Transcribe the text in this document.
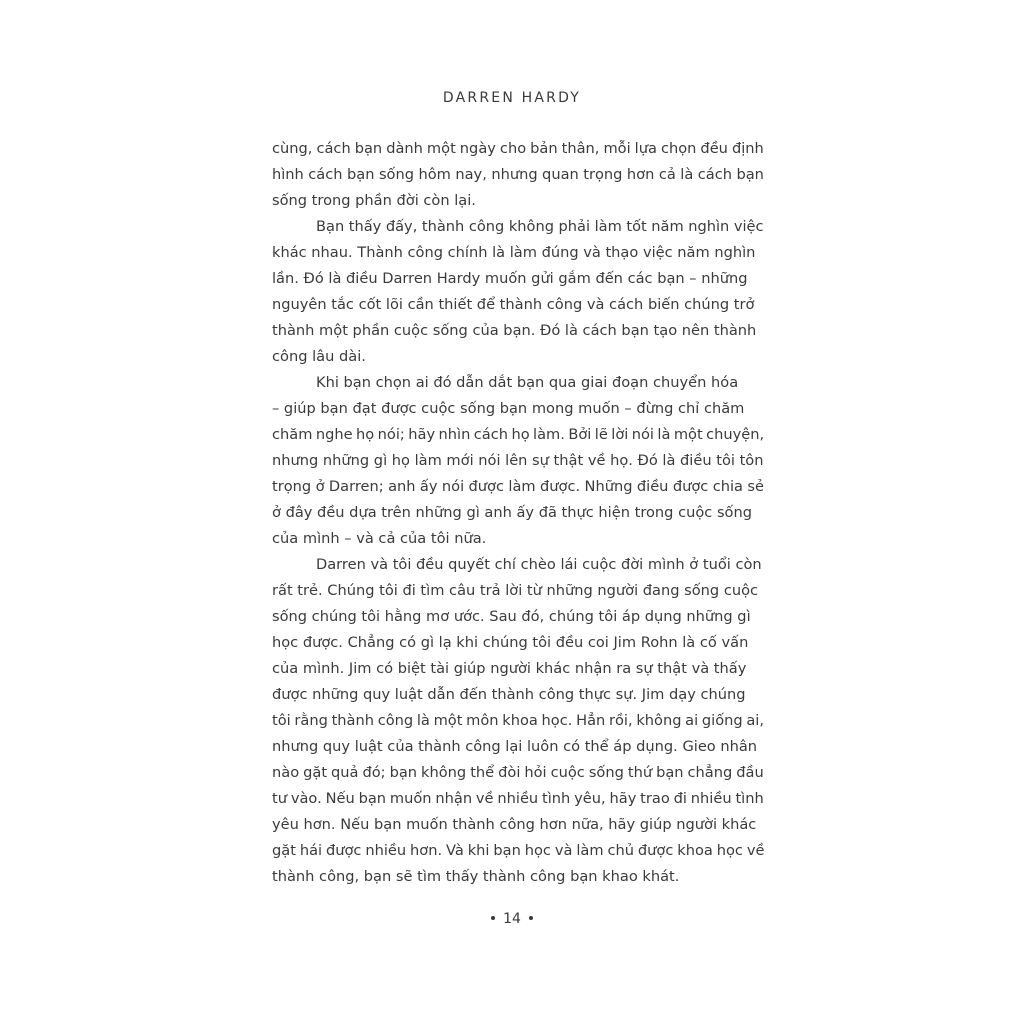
DARREN HARDY
cùng, cách bạn dành một ngày cho bản thân, mỗi lựa chọn đều định
hình cách bạn sống hôm nay, nhưng quan trọng hơn cả là cách bạn
sống trong phần đời còn lại.
Bạn thấy đấy, thành công không phải làm tốt năm nghìn việc
khác nhau. Thành công chính là làm đúng và thạo việc năm nghìn
lần. Đó là điều Darren Hardy muốn gửi gắm đến các bạn – những
nguyên tắc cốt lõi cần thiết để thành công và cách biến chúng trở
thành một phần cuộc sống của bạn. Đó là cách bạn tạo nên thành
công lâu dài.
Khi bạn chọn ai đó dẫn dắt bạn qua giai đoạn chuyển hóa
– giúp bạn đạt được cuộc sống bạn mong muốn – đừng chỉ chăm
chăm nghe họ nói; hãy nhìn cách họ làm. Bởi lẽ lời nói là một chuyện,
nhưng những gì họ làm mới nói lên sự thật về họ. Đó là điều tôi tôn
trọng ở Darren; anh ấy nói được làm được. Những điều được chia sẻ
ở đây đều dựa trên những gì anh ấy đã thực hiện trong cuộc sống
của mình – và cả của tôi nữa.
Darren và tôi đều quyết chí chèo lái cuộc đời mình ở tuổi còn
rất trẻ. Chúng tôi đi tìm câu trả lời từ những người đang sống cuộc
sống chúng tôi hằng mơ ước. Sau đó, chúng tôi áp dụng những gì
học được. Chẳng có gì lạ khi chúng tôi đều coi Jim Rohn là cố vấn
của mình. Jim có biệt tài giúp người khác nhận ra sự thật và thấy
được những quy luật dẫn đến thành công thực sự. Jim dạy chúng
tôi rằng thành công là một môn khoa học. Hẳn rồi, không ai giống ai,
nhưng quy luật của thành công lại luôn có thể áp dụng. Gieo nhân
nào gặt quả đó; bạn không thể đòi hỏi cuộc sống thứ bạn chẳng đầu
tư vào. Nếu bạn muốn nhận về nhiều tình yêu, hãy trao đi nhiều tình
yêu hơn. Nếu bạn muốn thành công hơn nữa, hãy giúp người khác
gặt hái được nhiều hơn. Và khi bạn học và làm chủ được khoa học về
thành công, bạn sẽ tìm thấy thành công bạn khao khát.
14
